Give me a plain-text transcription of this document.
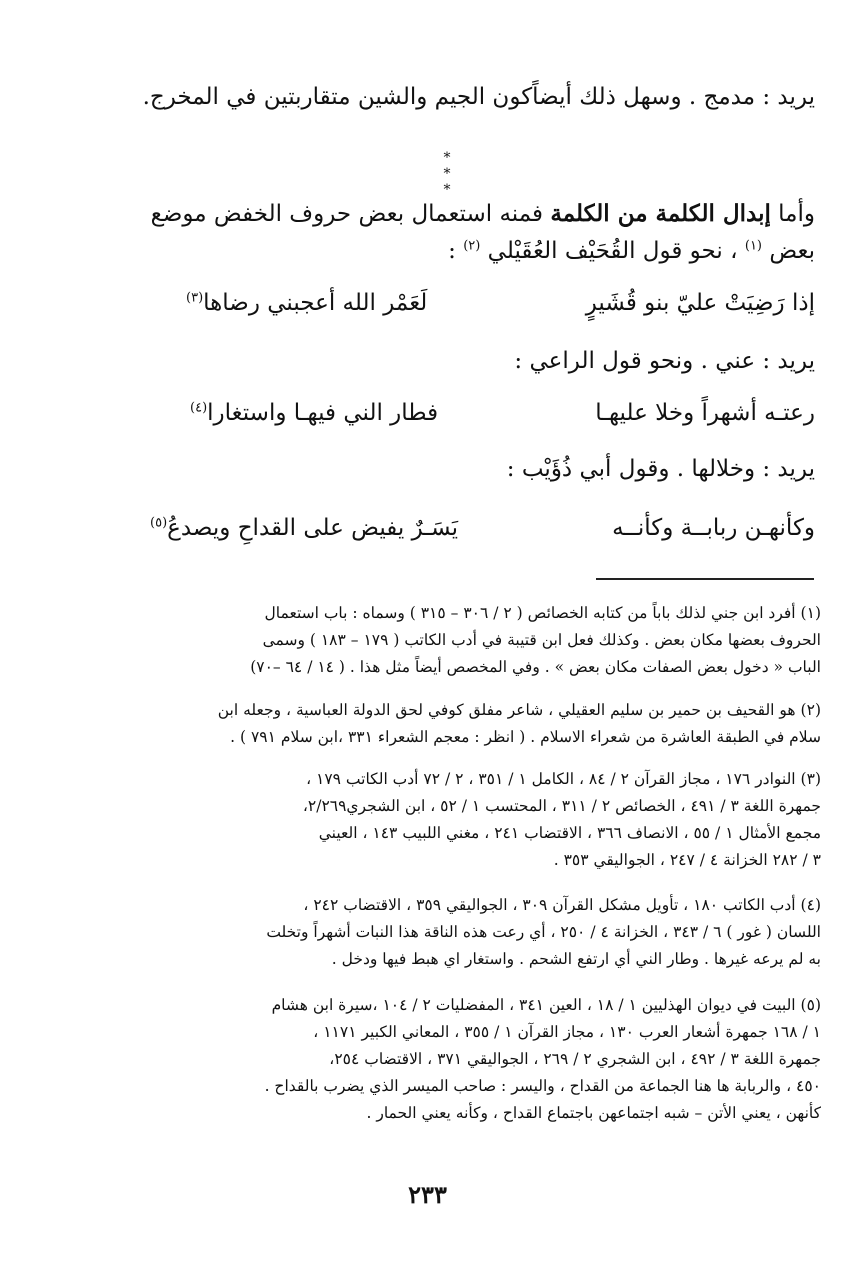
يريد : مدمج . وسهل ذلك أيضاًكون الجيم والشين متقاربتين في المخرج.
* * *
وأما إبدال الكلمة من الكلمة فمنه استعمال بعض حروف الخفض موضع
بعض $^{(١)}$ ، نحو قول القُحَيْف العُقَيْلي $^{(٢)}$ :
إذا رَضِيَتْ عليّ بنو قُشَيرٍ
لَعَمْر الله أعجبني رضاها$^{(٣)}$
يريد : عني . ونحو قول الراعي :
رعتـه أشهراً وخلا عليهـا
فطار الني فيهـا واستغارا$^{(٤)}$
يريد : وخلالها . وقول أبي ذُؤَيْب :
وكأنهـن ربابــة وكأنــه
يَسَـرٌ يفيض على القداحِ ويصدعُ$^{(٥)}$
(١) أفرد ابن جني لذلك باباً من كتابه الخصائص ( ٢ / ٣٠٦ – ٣١٥ ) وسماه : باب استعمال
الحروف بعضها مكان بعض . وكذلك فعل ابن قتيبة في أدب الكاتب ( ١٧٩ – ١٨٣ ) وسمى
الباب « دخول بعض الصفات مكان بعض » . وفي المخصص أيضاً مثل هذا . ( ١٤ / ٦٤ –٧٠)
(٢) هو القحيف بن حمير بن سليم العقيلي ، شاعر مفلق كوفي لحق الدولة العباسية ، وجعله ابن
سلام في الطبقة العاشرة من شعراء الاسلام . ( انظر : معجم الشعراء ٣٣١ ،ابن سلام ٧٩١ ) .
(٣) النوادر ١٧٦ ، مجاز القرآن ٢ / ٨٤ ، الكامل ١ / ٣٥١ ، ٢ / ٧٢ أدب الكاتب ١٧٩ ،
جمهرة اللغة ٣ / ٤٩١ ، الخصائص ٢ / ٣١١ ، المحتسب ١ / ٥٢ ، ابن الشجري٢/٢٦٩،
مجمع الأمثال ١ / ٥٥ ، الانصاف ٣٦٦ ، الاقتضاب ٢٤١ ، مغني اللبيب ١٤٣ ، العيني
٣ / ٢٨٢ الخزانة ٤ / ٢٤٧ ، الجواليقي ٣٥٣ .
(٤) أدب الكاتب ١٨٠ ، تأويل مشكل القرآن ٣٠٩ ، الجواليقي ٣٥٩ ، الاقتضاب ٢٤٢ ،
اللسان ( غور ) ٦ / ٣٤٣ ، الخزانة ٤ / ٢٥٠ ، أي رعت هذه الناقة هذا النبات أشهراً وتخلت
به لم يرعه غيرها . وطار الني أي ارتفع الشحم . واستغار اي هبط فيها ودخل .
(٥) البيت في ديوان الهذليين ١ / ١٨ ، العين ٣٤١ ، المفضليات ٢ / ١٠٤ ،سيرة ابن هشام
١ / ١٦٨ جمهرة أشعار العرب ١٣٠ ، مجاز القرآن ١ / ٣٥٥ ، المعاني الكبير ١١٧١ ،
جمهرة اللغة ٣ / ٤٩٢ ، ابن الشجري ٢ / ٢٦٩ ، الجواليقي ٣٧١ ، الاقتضاب ٢٥٤،
٤٥٠ ، والربابة ها هنا الجماعة من القداح ، واليسر : صاحب الميسر الذي يضرب بالقداح .
كأنهن ، يعني الأتن – شبه اجتماعهن باجتماع القداح ، وكأنه يعني الحمار .
٢٣٣
